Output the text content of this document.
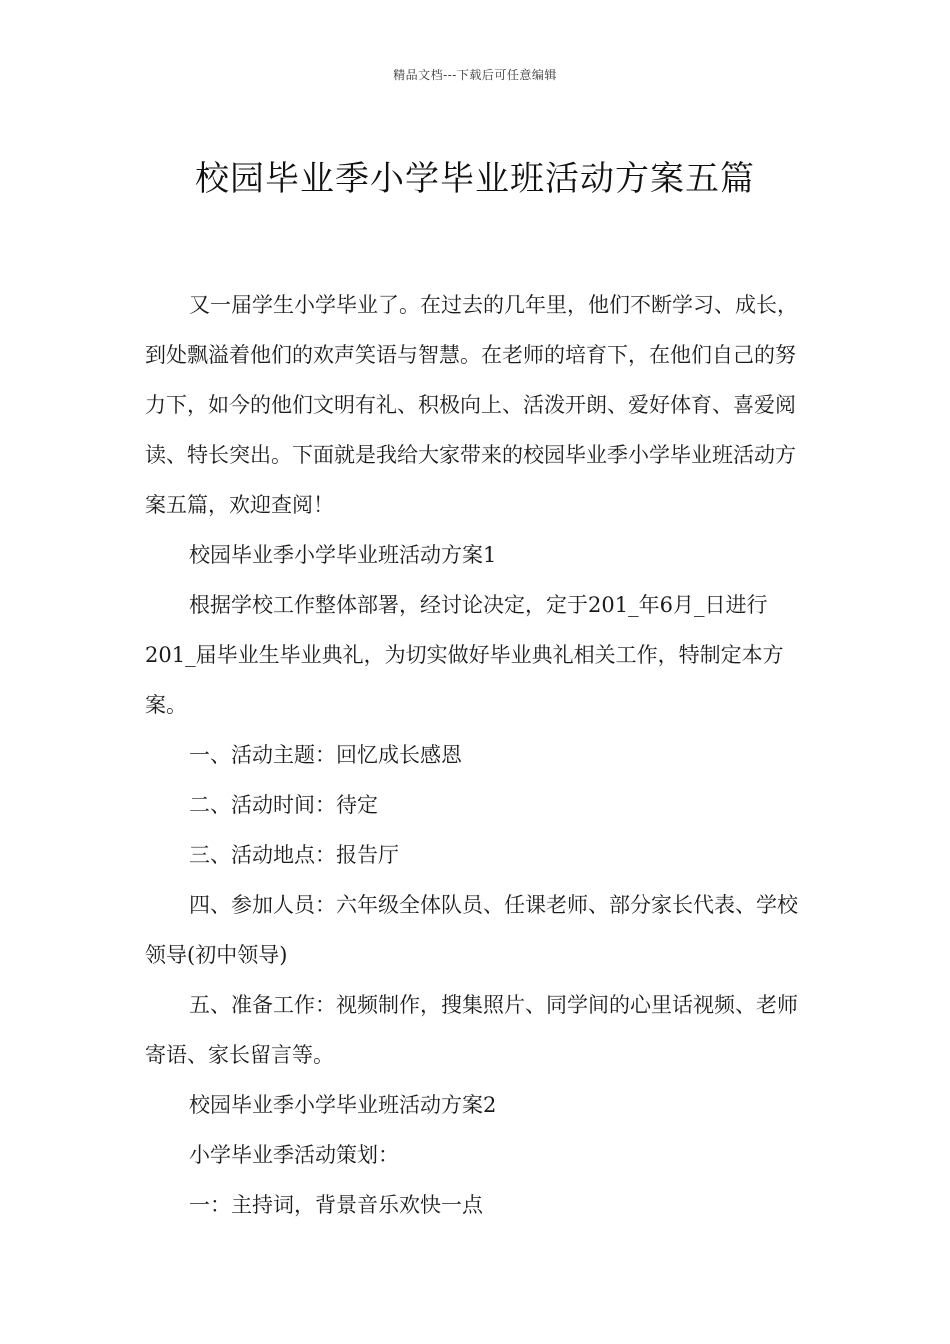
精品文档---下载后可任意编辑
校园毕业季小学毕业班活动方案五篇

又一届学生小学毕业了。在过去的几年里，他们不断学习、成长，到处飘溢着他们的欢声笑语与智慧。在老师的培育下，在他们自己的努力下，如今的他们文明有礼、积极向上、活泼开朗、爱好体育、喜爱阅读、特长突出。下面就是我给大家带来的校园毕业季小学毕业班活动方案五篇，欢迎查阅！

校园毕业季小学毕业班活动方案1

根据学校工作整体部署，经讨论决定，定于201_年6月_日进行201_届毕业生毕业典礼，为切实做好毕业典礼相关工作，特制定本方案。

一、活动主题：回忆成长感恩

二、活动时间：待定

三、活动地点：报告厅

四、参加人员：六年级全体队员、任课老师、部分家长代表、学校领导(初中领导)

五、准备工作：视频制作，搜集照片、同学间的心里话视频、老师寄语、家长留言等。

校园毕业季小学毕业班活动方案2

小学毕业季活动策划：

一：主持词，背景音乐欢快一点
